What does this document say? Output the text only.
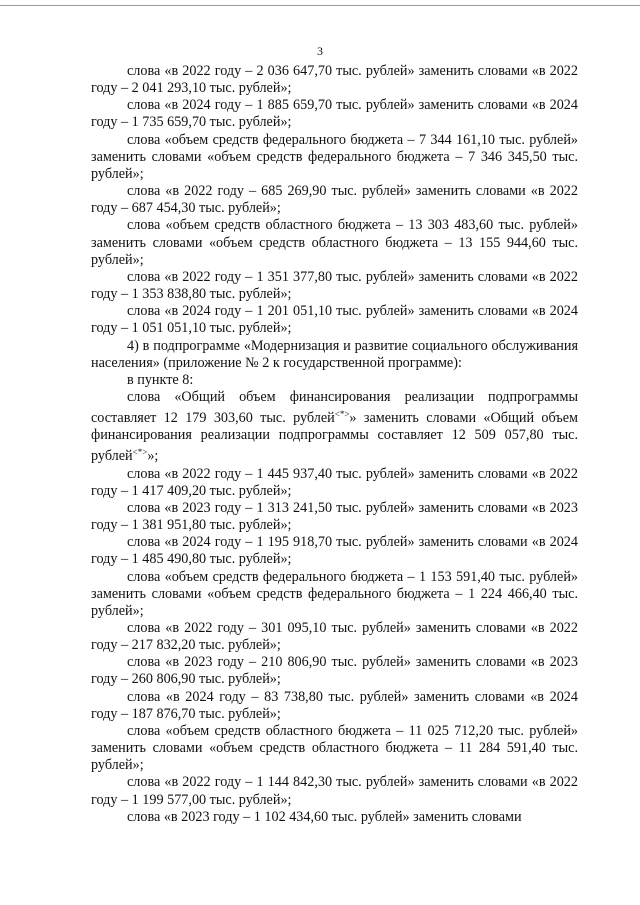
3

слова «в 2022 году – 2 036 647,70 тыс. рублей» заменить словами «в 2022 году – 2 041 293,10 тыс. рублей»;

слова «в 2024 году – 1 885 659,70 тыс. рублей» заменить словами «в 2024 году – 1 735 659,70 тыс. рублей»;

слова «объем средств федерального бюджета – 7 344 161,10 тыс. рублей» заменить словами «объем средств федерального бюджета – 7 346 345,50 тыс. рублей»;

слова «в 2022 году – 685 269,90 тыс. рублей» заменить словами «в 2022 году – 687 454,30 тыс. рублей»;

слова «объем средств областного бюджета – 13 303 483,60 тыс. рублей» заменить словами «объем средств областного бюджета – 13 155 944,60 тыс. рублей»;

слова «в 2022 году – 1 351 377,80 тыс. рублей» заменить словами «в 2022 году – 1 353 838,80 тыс. рублей»;

слова «в 2024 году – 1 201 051,10 тыс. рублей» заменить словами «в 2024 году – 1 051 051,10 тыс. рублей»;

4) в подпрограмме «Модернизация и развитие социального обслуживания населения» (приложение № 2 к государственной программе):

в пункте 8:

слова «Общий объем финансирования реализации подпрограммы составляет 12 179 303,60 тыс. рублей<*>» заменить словами «Общий объем финансирования реализации подпрограммы составляет 12 509 057,80 тыс. рублей<*>»;

слова «в 2022 году – 1 445 937,40 тыс. рублей» заменить словами «в 2022 году – 1 417 409,20 тыс. рублей»;

слова «в 2023 году – 1 313 241,50 тыс. рублей» заменить словами «в 2023 году – 1 381 951,80 тыс. рублей»;

слова «в 2024 году – 1 195 918,70 тыс. рублей» заменить словами «в 2024 году – 1 485 490,80 тыс. рублей»;

слова «объем средств федерального бюджета – 1 153 591,40 тыс. рублей» заменить словами «объем средств федерального бюджета – 1 224 466,40 тыс. рублей»;

слова «в 2022 году – 301 095,10 тыс. рублей» заменить словами «в 2022 году – 217 832,20 тыс. рублей»;

слова «в 2023 году – 210 806,90 тыс. рублей» заменить словами «в 2023 году – 260 806,90 тыс. рублей»;

слова «в 2024 году – 83 738,80 тыс. рублей» заменить словами «в 2024 году – 187 876,70 тыс. рублей»;

слова «объем средств областного бюджета – 11 025 712,20 тыс. рублей» заменить словами «объем средств областного бюджета – 11 284 591,40 тыс. рублей»;

слова «в 2022 году – 1 144 842,30 тыс. рублей» заменить словами «в 2022 году – 1 199 577,00 тыс. рублей»;

слова «в 2023 году – 1 102 434,60 тыс. рублей» заменить словами
